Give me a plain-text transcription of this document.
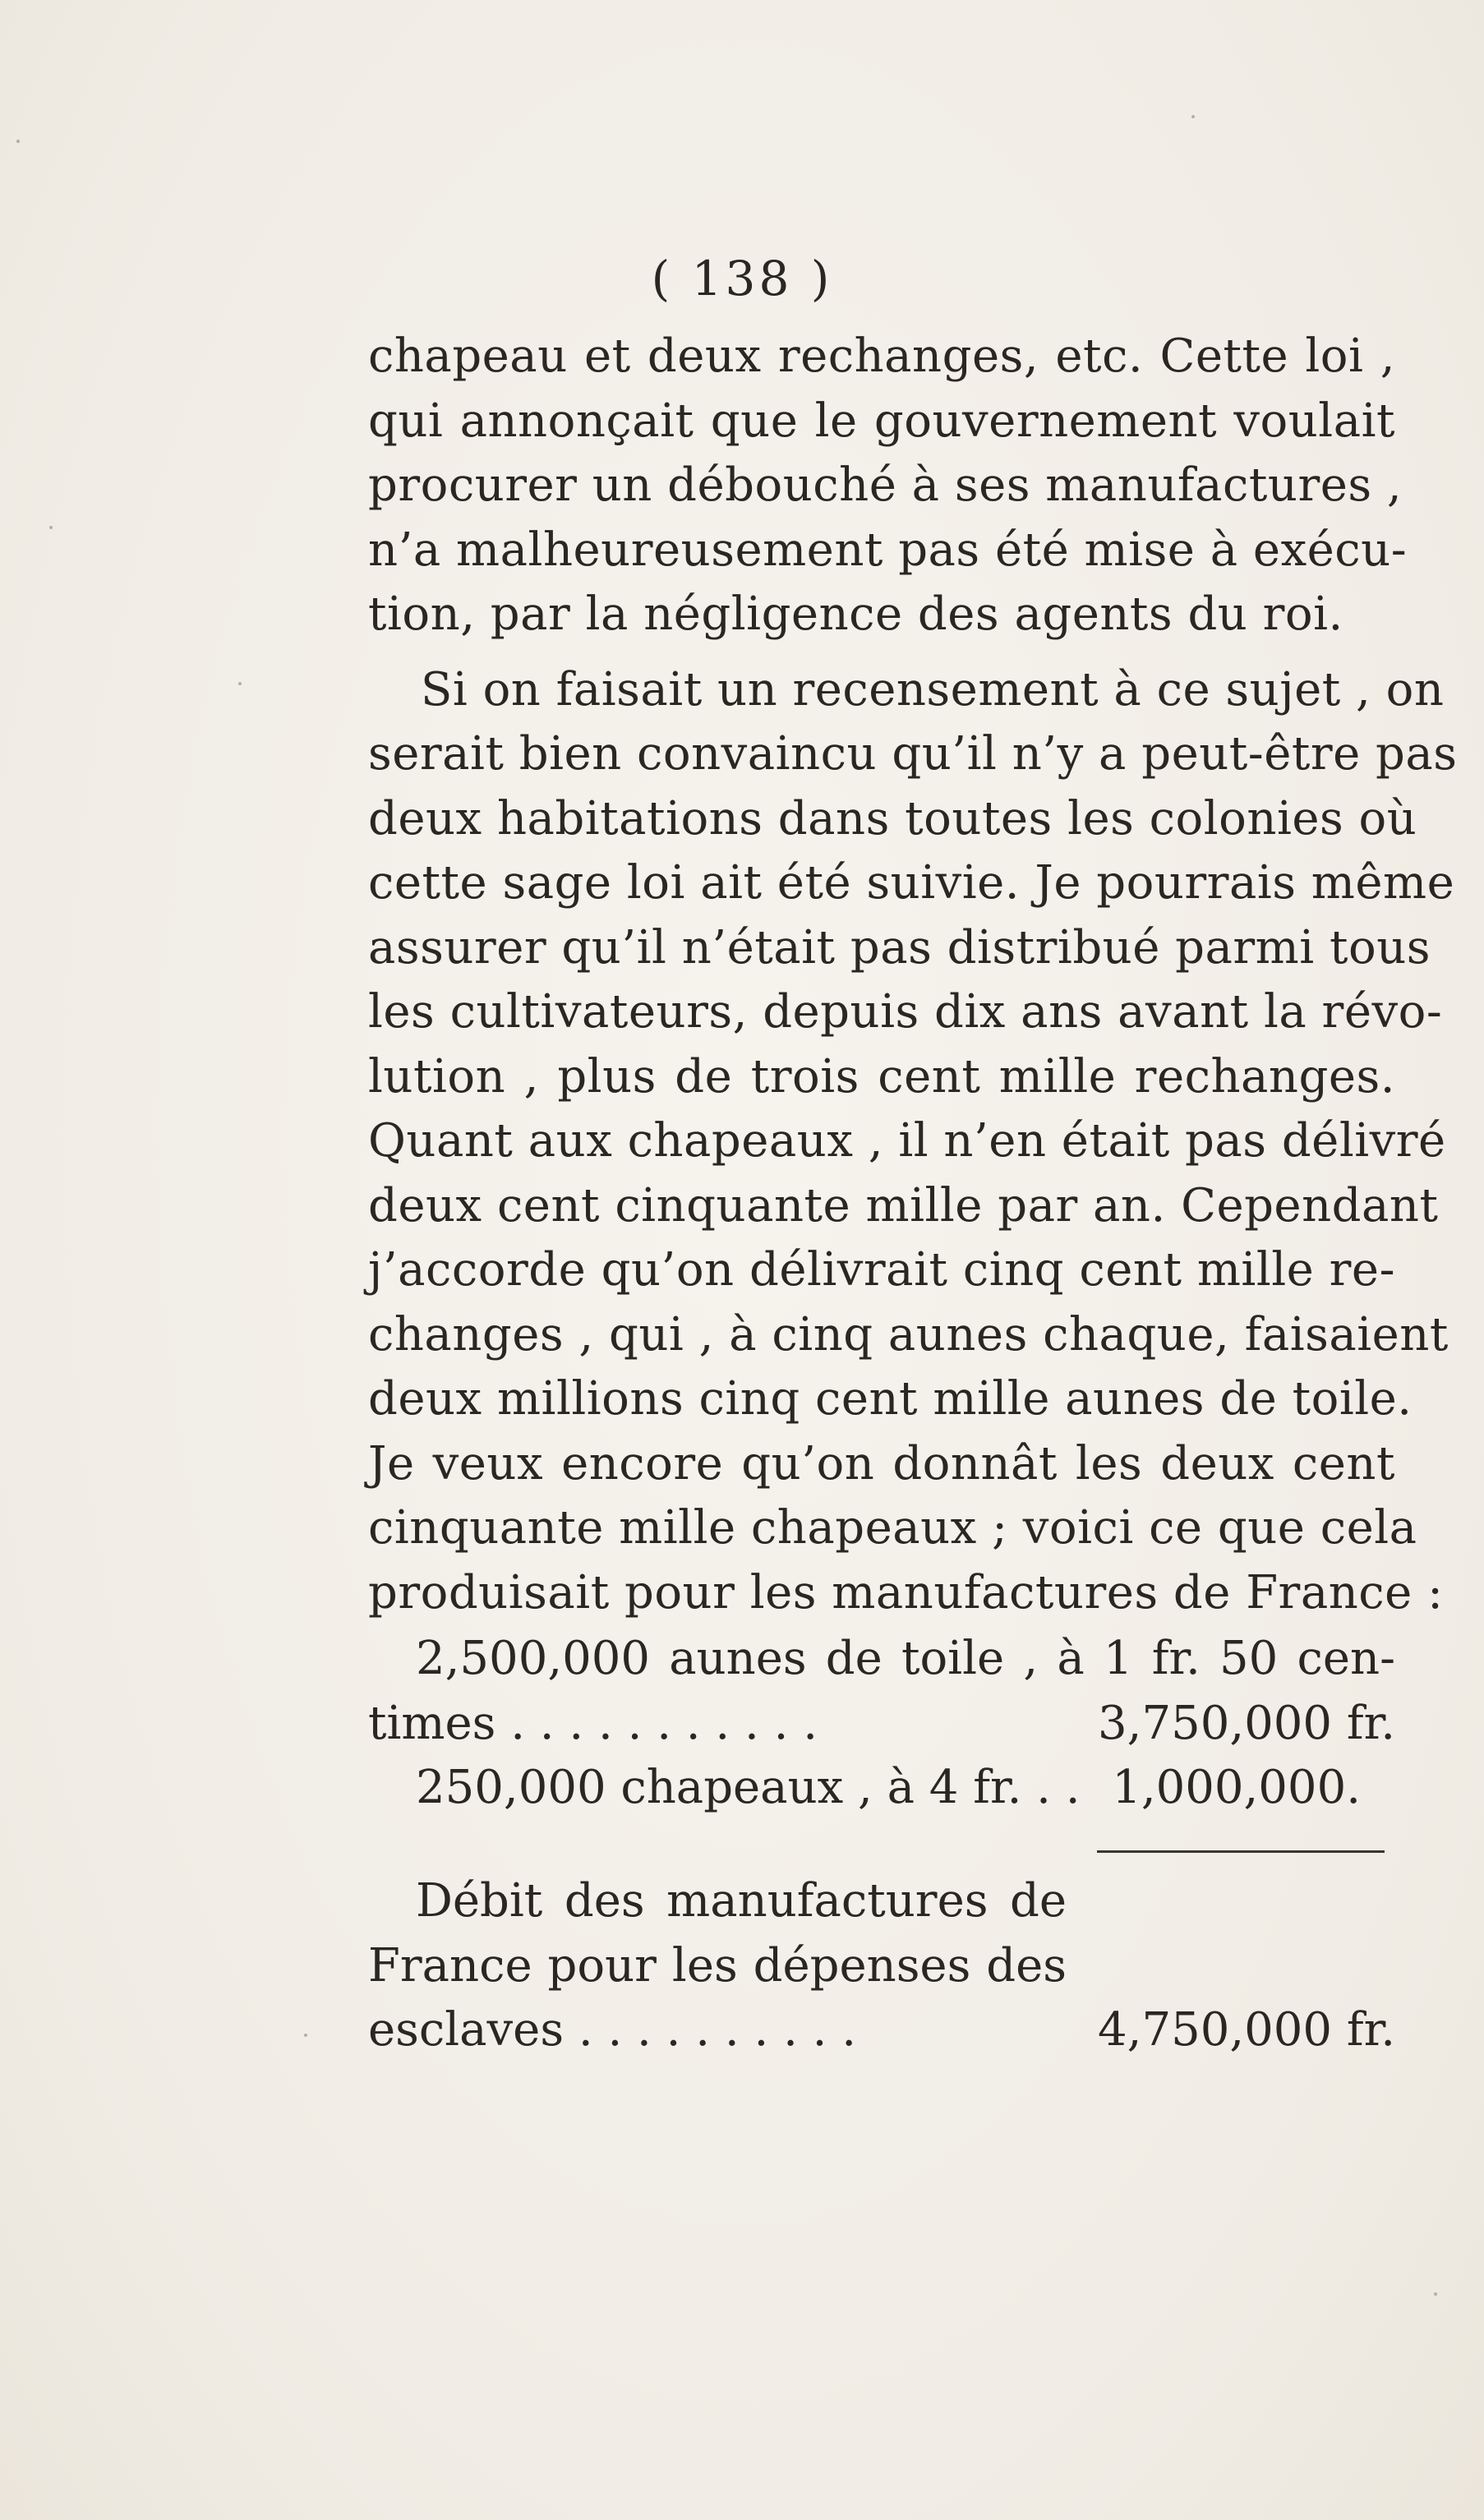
( 138 )
chapeau et deux rechanges, etc. Cette loi ,
qui annonçait que le gouvernement voulait
procurer un débouché à ses manufactures ,
n’a malheureusement pas été mise à exécu-
tion, par la négligence des agents du roi.
Si on faisait un recensement à ce sujet , on
serait bien convaincu qu’il n’y a peut-être pas
deux habitations dans toutes les colonies où
cette sage loi ait été suivie. Je pourrais même
assurer qu’il n’était pas distribué parmi tous
les cultivateurs, depuis dix ans avant la révo-
lution , plus de trois cent mille rechanges.
Quant aux chapeaux , il n’en était pas délivré
deux cent cinquante mille par an. Cependant
j’accorde qu’on délivrait cinq cent mille re-
changes , qui , à cinq aunes chaque, faisaient
deux millions cinq cent mille aunes de toile.
Je veux encore qu’on donnât les deux cent
cinquante mille chapeaux ; voici ce que cela
produisait pour les manufactures de France :
2,500,000 aunes de toile , à 1 fr. 50 cen-
times . . . . . . . . . . .	3,750,000 fr.
250,000 chapeaux , à 4 fr. . . 1,000,000.
Débit des manufactures de
France pour les dépenses des
esclaves . . . . . . . . . .	4,750,000 fr.
